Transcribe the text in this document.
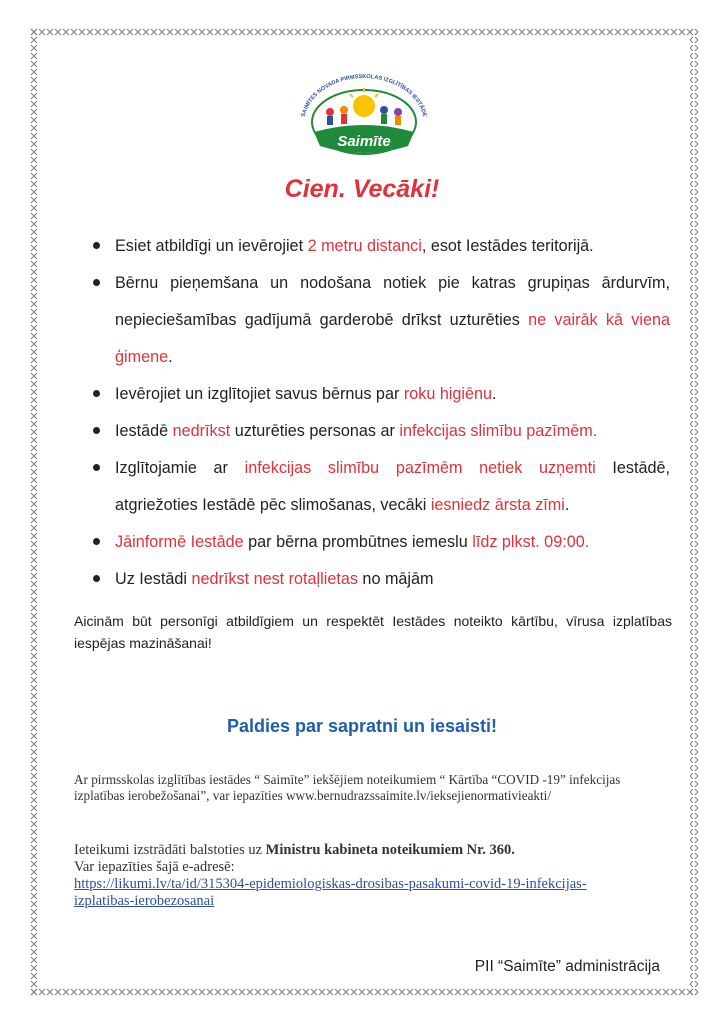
Saimīte
SAIMĪTES NOVADA PIRMSSKOLAS IZGLĪTĪBAS IESTĀDE
Cien. Vecāki!
Esiet atbildīgi un ievērojiet 2 metru distanci, esot Iestādes teritorijā.
Bērnu pieņemšana un nodošana notiek pie katras grupiņas ārdurvīm, nepieciešamības gadījumā garderobē drīkst uzturēties ne vairāk kā viena ģimene.
Ievērojiet un izglītojiet savus bērnus par roku higiēnu.
Iestādē nedrīkst uzturēties personas ar infekcijas slimību pazīmēm.
Izglītojamie ar infekcijas slimību pazīmēm netiek uzņemti Iestādē, atgriežoties Iestādē pēc slimošanas, vecāki iesniedz ārsta zīmi.
Jāinformē Iestāde par bērna prombūtnes iemeslu līdz plkst. 09:00.
Uz Iestādi nedrīkst nest rotaļlietas no mājām
Aicinām būt personīgi atbildīgiem un respektēt Iestādes noteikto kārtību, vīrusa izplatības iespējas mazināšanai!
Paldies par sapratni un iesaisti!
Ar pirmsskolas izglītības iestādes “ Saimīte” iekšējiem noteikumiem “ Kārtība “COVID -19” infekcijas izplatības ierobežošanai”, var iepazīties www.bernudrazssaimite.lv/ieksejienormativieakti/
Ieteikumi izstrādāti balstoties uz Ministru kabineta noteikumiem Nr. 360.
Var iepazīties šajā e-adresē:
https://likumi.lv/ta/id/315304-epidemiologiskas-drosibas-pasakumi-covid-19-infekcijas-izplatibas-ierobezosanai
PII “Saimīte” administrācija
